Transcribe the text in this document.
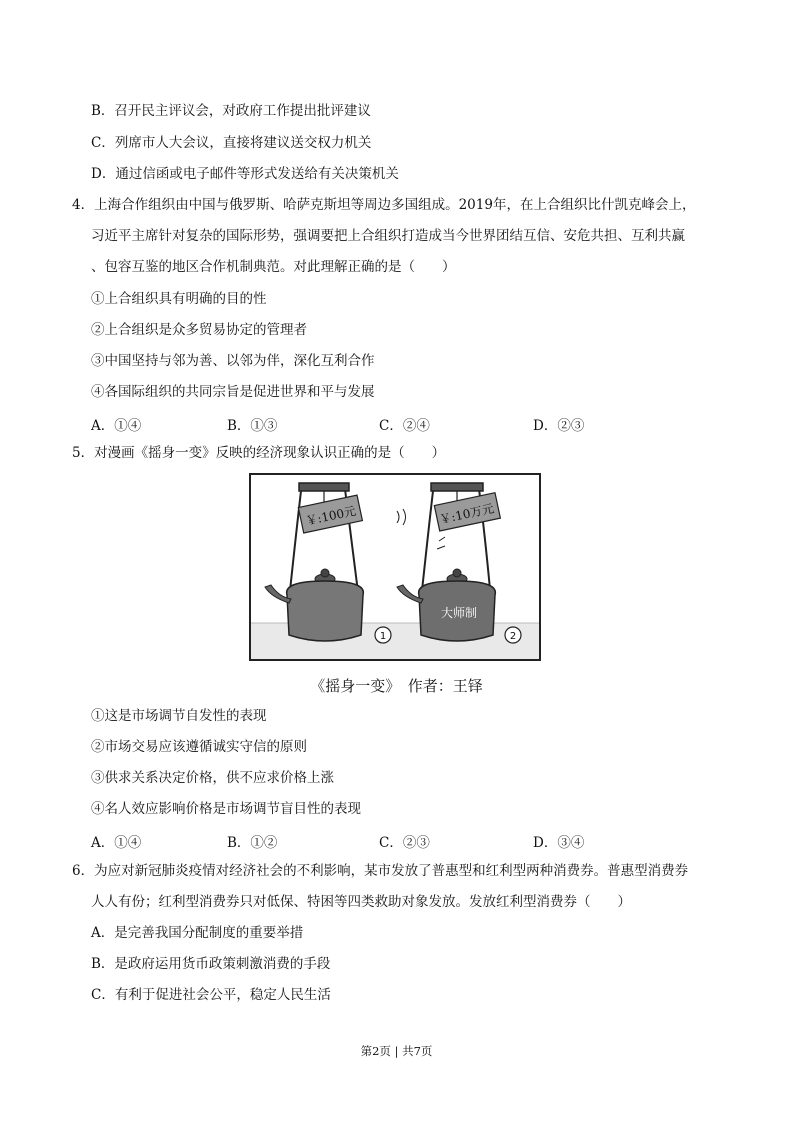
B．召开民主评议会，对政府工作提出批评建议
C．列席市人大会议，直接将建议送交权力机关
D．通过信函或电子邮件等形式发送给有关决策机关
4．上海合作组织由中国与俄罗斯、哈萨克斯坦等周边多国组成。2019年，在上合组织比什凯克峰会上，
习近平主席针对复杂的国际形势，强调要把上合组织打造成当今世界团结互信、安危共担、互利共赢
、包容互鉴的地区合作机制典范。对此理解正确的是（　　）
①上合组织具有明确的目的性
②上合组织是众多贸易协定的管理者
③中国坚持与邻为善、以邻为伴，深化互利合作
④各国际组织的共同宗旨是促进世界和平与发展
A．①④	B．①③	C．②④	D．②③
5．对漫画《摇身一变》反映的经济现象认识正确的是（　　）
￥:100元
1
￥:10万元
大师制
2
《摇身一变》　作者：王铎
①这是市场调节自发性的表现
②市场交易应该遵循诚实守信的原则
③供求关系决定价格，供不应求价格上涨
④名人效应影响价格是市场调节盲目性的表现
A．①④	B．①②	C．②③	D．③④
6．为应对新冠肺炎疫情对经济社会的不利影响，某市发放了普惠型和红利型两种消费券。普惠型消费券
人人有份；红利型消费券只对低保、特困等四类救助对象发放。发放红利型消费券（　　）
A．是完善我国分配制度的重要举措
B．是政府运用货币政策刺激消费的手段
C．有利于促进社会公平，稳定人民生活
第2页 | 共7页
